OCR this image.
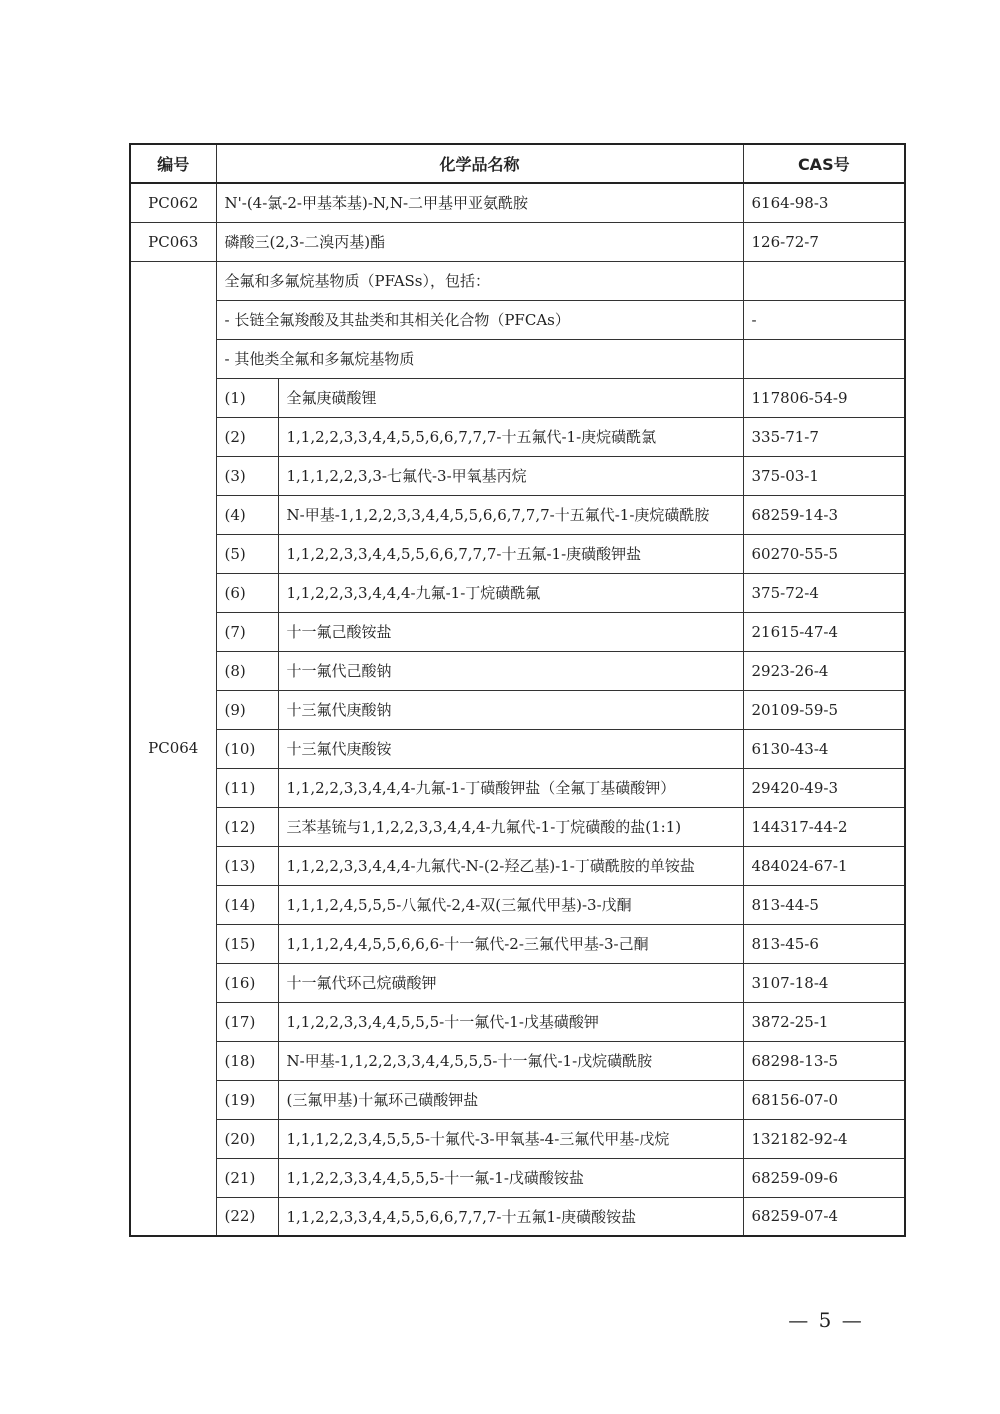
编号	化学品名称		CAS号
PC062	N'-(4-氯-2-甲基苯基)-N,N-二甲基甲亚氨酰胺		6164-98-3
PC063	磷酸三(2,3-二溴丙基)酯		126-72-7
PC064	全氟和多氟烷基物质（PFASs），包括：		
	- 长链全氟羧酸及其盐类和其相关化合物（PFCAs）		-
	- 其他类全氟和多氟烷基物质		
	(1)	全氟庚磺酸锂	117806-54-9
	(2)	1,1,2,2,3,3,4,4,5,5,6,6,7,7,7-十五氟代-1-庚烷磺酰氯	335-71-7
	(3)	1,1,1,2,2,3,3-七氟代-3-甲氧基丙烷	375-03-1
	(4)	N-甲基-1,1,2,2,3,3,4,4,5,5,6,6,7,7,7-十五氟代-1-庚烷磺酰胺	68259-14-3
	(5)	1,1,2,2,3,3,4,4,5,5,6,6,7,7,7-十五氟-1-庚磺酸钾盐	60270-55-5
	(6)	1,1,2,2,3,3,4,4,4-九氟-1-丁烷磺酰氟	375-72-4
	(7)	十一氟己酸铵盐	21615-47-4
	(8)	十一氟代己酸钠	2923-26-4
	(9)	十三氟代庚酸钠	20109-59-5
	(10)	十三氟代庚酸铵	6130-43-4
	(11)	1,1,2,2,3,3,4,4,4-九氟-1-丁磺酸钾盐（全氟丁基磺酸钾）	29420-49-3
	(12)	三苯基锍与1,1,2,2,3,3,4,4,4-九氟代-1-丁烷磺酸的盐(1:1)	144317-44-2
	(13)	1,1,2,2,3,3,4,4,4-九氟代-N-(2-羟乙基)-1-丁磺酰胺的单铵盐	484024-67-1
	(14)	1,1,1,2,4,5,5,5-八氟代-2,4-双(三氟代甲基)-3-戊酮	813-44-5
	(15)	1,1,1,2,4,4,5,5,6,6,6-十一氟代-2-三氟代甲基-3-己酮	813-45-6
	(16)	十一氟代环己烷磺酸钾	3107-18-4
	(17)	1,1,2,2,3,3,4,4,5,5,5-十一氟代-1-戊基磺酸钾	3872-25-1
	(18)	N-甲基-1,1,2,2,3,3,4,4,5,5,5-十一氟代-1-戊烷磺酰胺	68298-13-5
	(19)	(三氟甲基)十氟环己磺酸钾盐	68156-07-0
	(20)	1,1,1,2,2,3,4,5,5,5-十氟代-3-甲氧基-4-三氟代甲基-戊烷	132182-92-4
	(21)	1,1,2,2,3,3,4,4,5,5,5-十一氟-1-戊磺酸铵盐	68259-09-6
	(22)	1,1,2,2,3,3,4,4,5,5,6,6,7,7,7-十五氟1-庚磺酸铵盐	68259-07-4
— 5 —
